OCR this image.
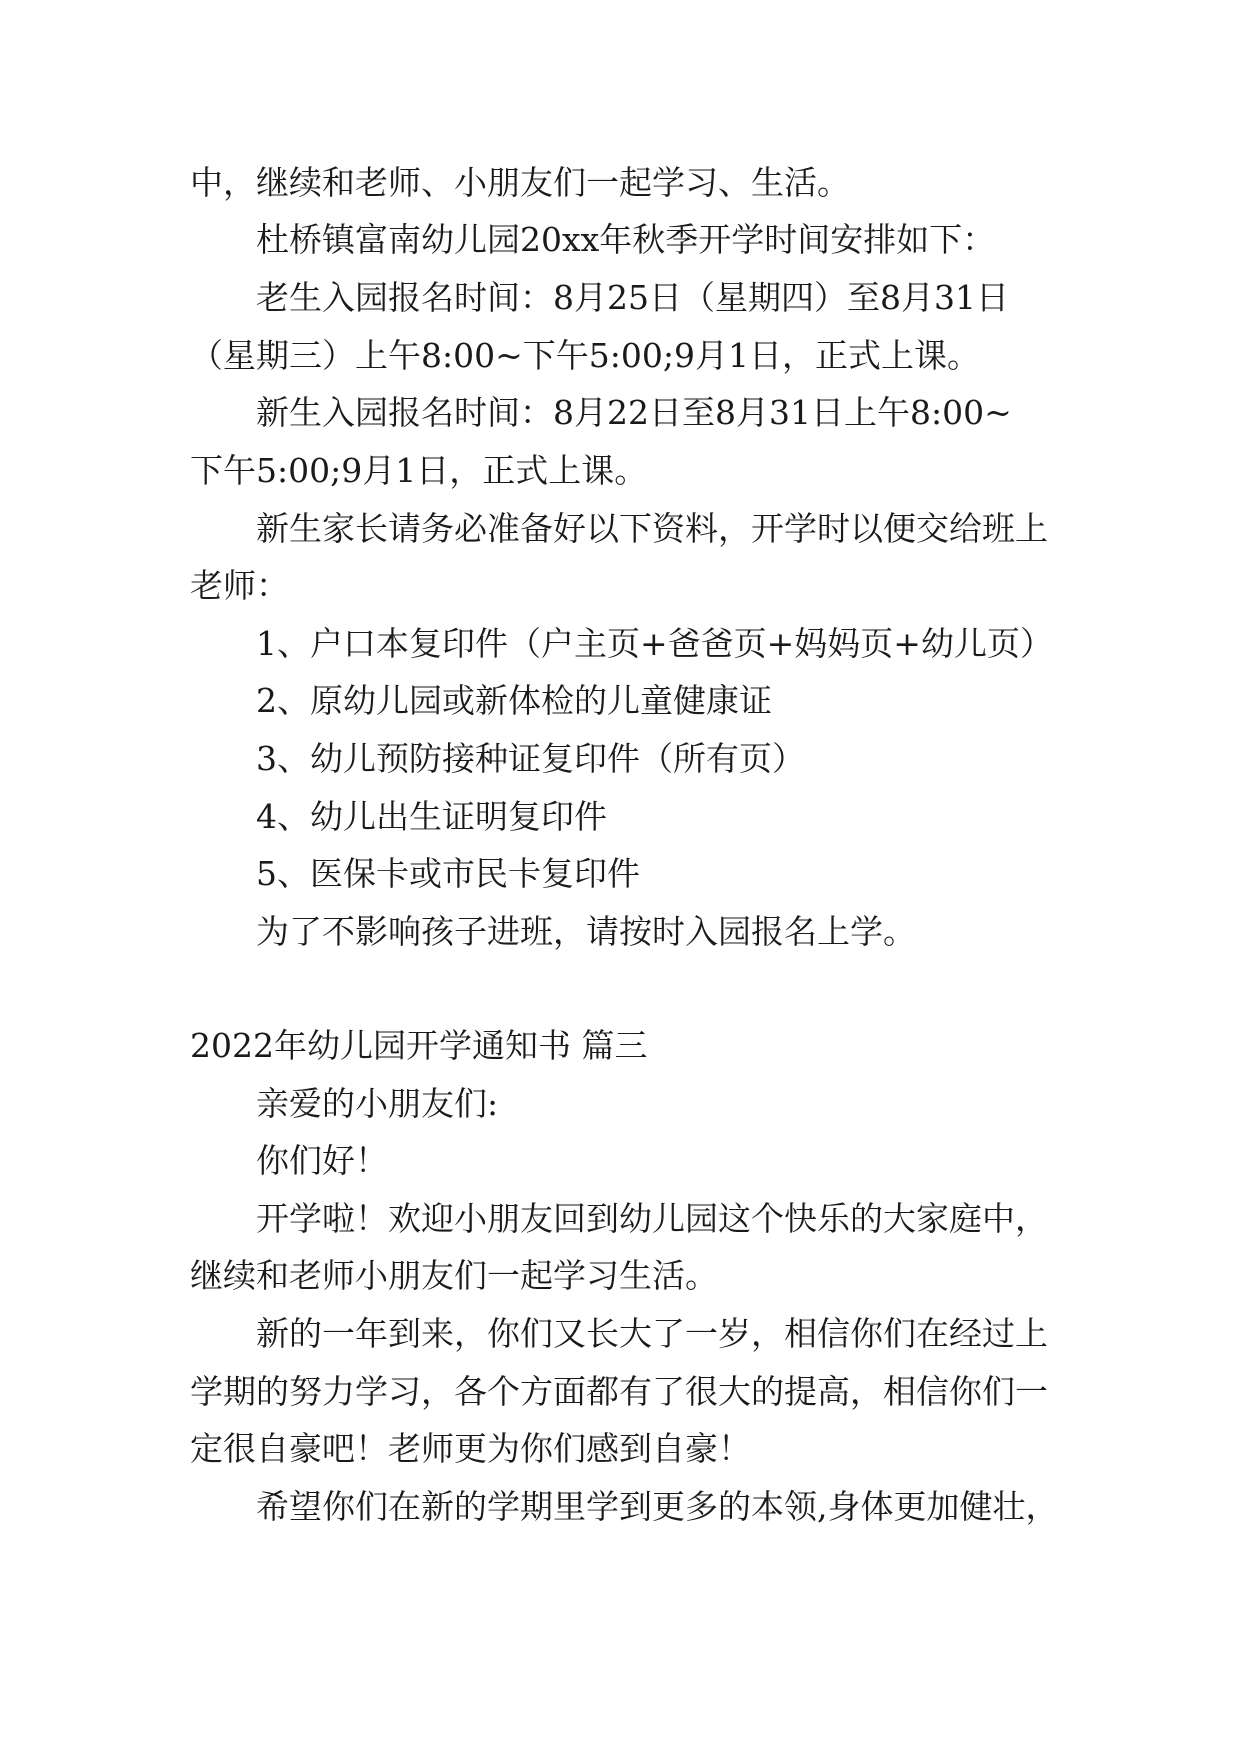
中，继续和老师、小朋友们一起学习、生活。
杜桥镇富南幼儿园20xx年秋季开学时间安排如下：
老生入园报名时间：8月25日（星期四）至8月31日
（星期三）上午8:00~下午5:00;9月1日，正式上课。
新生入园报名时间：8月22日至8月31日上午8:00~
下午5:00;9月1日，正式上课。
新生家长请务必准备好以下资料，开学时以便交给班上
老师：
1、户口本复印件（户主页+爸爸页+妈妈页+幼儿页）
2、原幼儿园或新体检的儿童健康证
3、幼儿预防接种证复印件（所有页）
4、幼儿出生证明复印件
5、医保卡或市民卡复印件
为了不影响孩子进班，请按时入园报名上学。
2022年幼儿园开学通知书 篇三
亲爱的小朋友们:
你们好！
开学啦！欢迎小朋友回到幼儿园这个快乐的大家庭中，
继续和老师小朋友们一起学习生活。
新的一年到来，你们又长大了一岁，相信你们在经过上
学期的努力学习，各个方面都有了很大的提高，相信你们一
定很自豪吧！老师更为你们感到自豪！
希望你们在新的学期里学到更多的本领,身体更加健壮，
